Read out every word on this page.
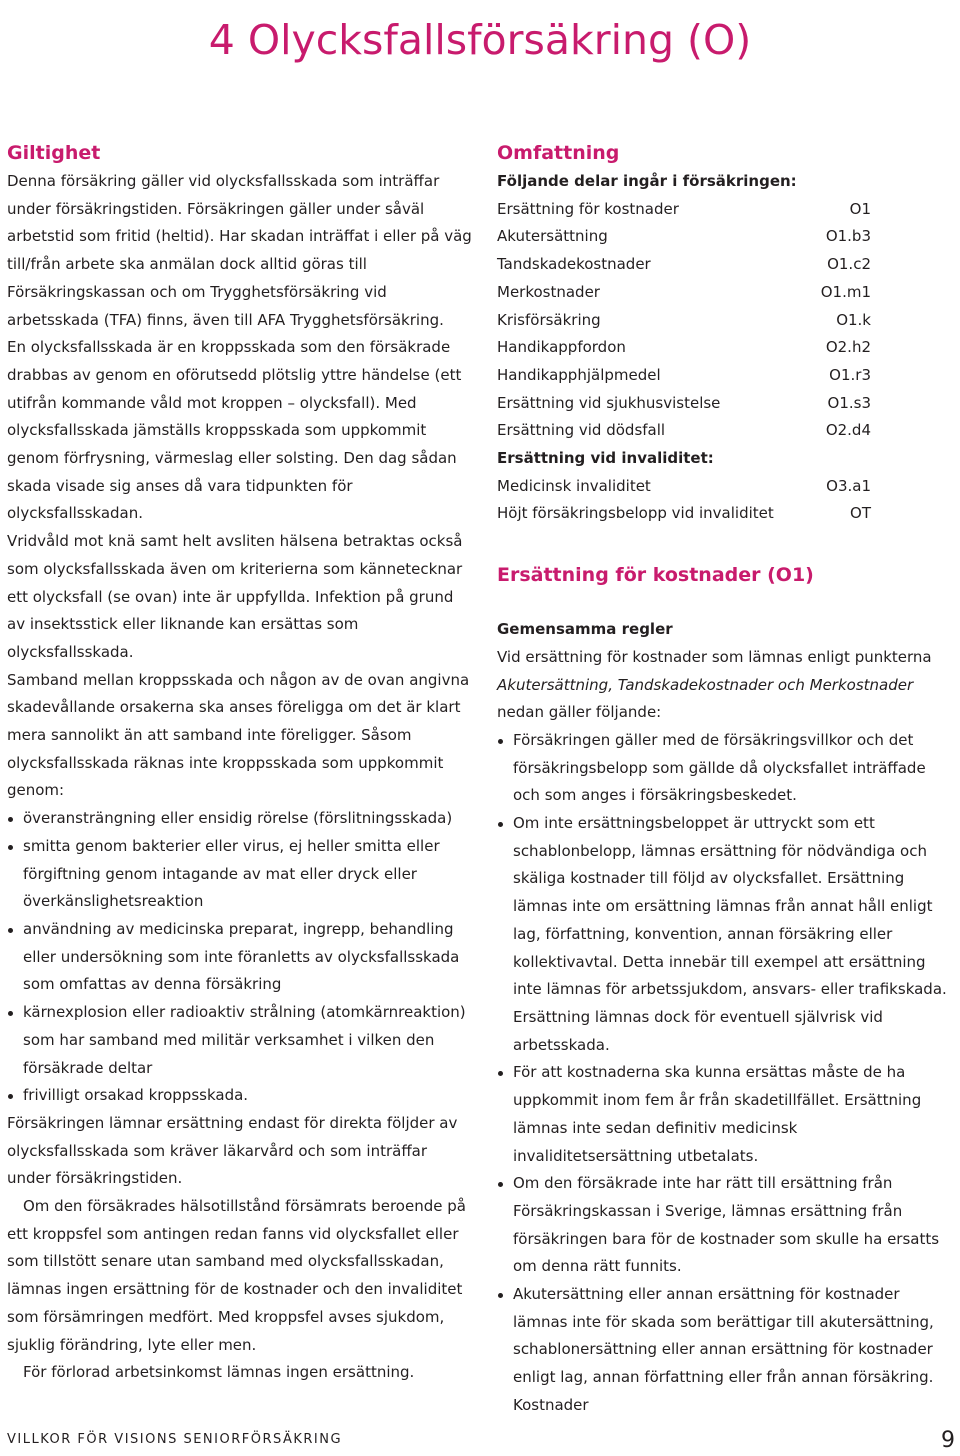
4 Olycksfallsförsäkring (O)
Giltighet

Denna försäkring gäller vid olycksfallsskada som inträffar under försäkringstiden. Försäkringen gäller under såväl arbetstid som fritid (heltid). Har skadan inträffat i eller på väg till/från arbete ska anmälan dock alltid göras till Försäkringskassan och om Trygghetsförsäkring vid arbetsskada (TFA) finns, även till AFA Trygghetsförsäkring.

En olycksfallsskada är en kroppsskada som den försäkrade drabbas av genom en oförutsedd plötslig yttre händelse (ett utifrån kommande våld mot kroppen – olycksfall). Med olycksfallsskada jämställs kroppsskada som uppkommit genom förfrysning, värmeslag eller solsting. Den dag sådan skada visade sig anses då vara tidpunkten för olycksfallsskadan.

Vridvåld mot knä samt helt avsliten hälsena betraktas också som olycksfallsskada även om kriterierna som kännetecknar ett olycksfall (se ovan) inte är uppfyllda. Infektion på grund av insektsstick eller liknande kan ersättas som olycksfallsskada.

Samband mellan kroppsskada och någon av de ovan angivna skadevållande orsakerna ska anses föreligga om det är klart mera sannolikt än att samband inte föreligger. Såsom olycksfallsskada räknas inte kroppsskada som uppkommit genom:

överansträngning eller ensidig rörelse (förslitningsskada)
smitta genom bakterier eller virus, ej heller smitta eller förgiftning genom intagande av mat eller dryck eller överkänslighetsreaktion
användning av medicinska preparat, ingrepp, behandling eller undersökning som inte föranletts av olycksfallsskada som omfattas av denna försäkring
kärnexplosion eller radioaktiv strålning (atomkärnreaktion) som har samband med militär verksamhet i vilken den försäkrade deltar
frivilligt orsakad kroppsskada.

Försäkringen lämnar ersättning endast för direkta följder av olycksfallsskada som kräver läkarvård och som inträffar under försäkringstiden.

Om den försäkrades hälsotillstånd försämrats beroende på ett kroppsfel som antingen redan fanns vid olycksfallet eller som tillstött senare utan samband med olycksfallsskadan, lämnas ingen ersättning för de kostnader och den invaliditet som försämringen medfört. Med kroppsfel avses sjukdom, sjuklig förändring, lyte eller men.

För förlorad arbetsinkomst lämnas ingen ersättning.

Omfattning

Följande delar ingår i försäkringen:

Ersättning för kostnader	O1
Akutersättning	O1.b3
Tandskadekostnader	O1.c2
Merkostnader	O1.m1
Krisförsäkring	O1.k
Handikappfordon	O2.h2
Handikapphjälpmedel	O1.r3
Ersättning vid sjukhusvistelse	O1.s3
Ersättning vid dödsfall	O2.d4

Ersättning vid invaliditet:

Medicinsk invaliditet	O3.a1
Höjt försäkringsbelopp vid invaliditet	OT
Ersättning för kostnader (O1)

Gemensamma regler

Vid ersättning för kostnader som lämnas enligt punkterna Akutersättning, Tandskadekostnader och Merkostnader nedan gäller följande:

Försäkringen gäller med de försäkringsvillkor och det försäkringsbelopp som gällde då olycksfallet inträffade och som anges i försäkringsbeskedet.
Om inte ersättningsbeloppet är uttryckt som ett schablonbelopp, lämnas ersättning för nödvändiga och skäliga kostnader till följd av olycksfallet. Ersättning lämnas inte om ersättning lämnas från annat håll enligt lag, författning, konvention, annan försäkring eller kollektivavtal. Detta innebär till exempel att ersättning inte lämnas för arbetssjukdom, ansvars- eller trafikskada. Ersättning lämnas dock för eventuell självrisk vid arbetsskada.
För att kostnaderna ska kunna ersättas måste de ha uppkommit inom fem år från skadetillfället. Ersättning lämnas inte sedan definitiv medicinsk invaliditetsersättning utbetalats.
Om den försäkrade inte har rätt till ersättning från Försäkringskassan i Sverige, lämnas ersättning från försäkringen bara för de kostnader som skulle ha ersatts om denna rätt funnits.
Akutersättning eller annan ersättning för kostnader lämnas inte för skada som berättigar till akutersättning, schablonersättning eller annan ersättning för kostnader enligt lag, annan författning eller från annan försäkring. Kostnader
VILLKOR FÖR VISIONS SENIORFÖRSÄKRING	9
